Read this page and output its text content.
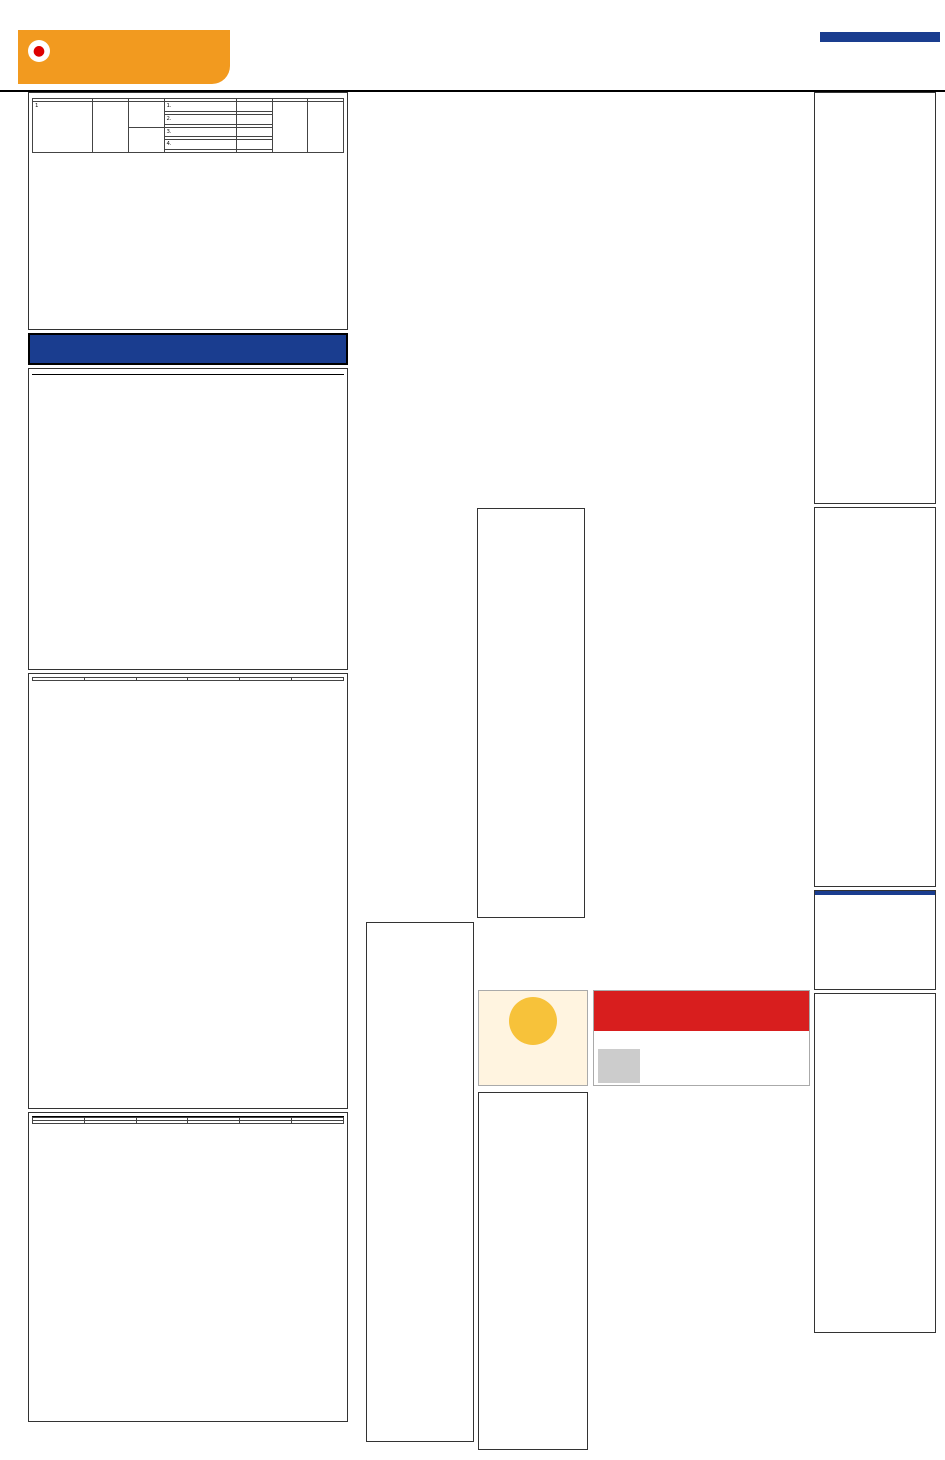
●

1			1.			

			2.			

			3.			

			4.			
